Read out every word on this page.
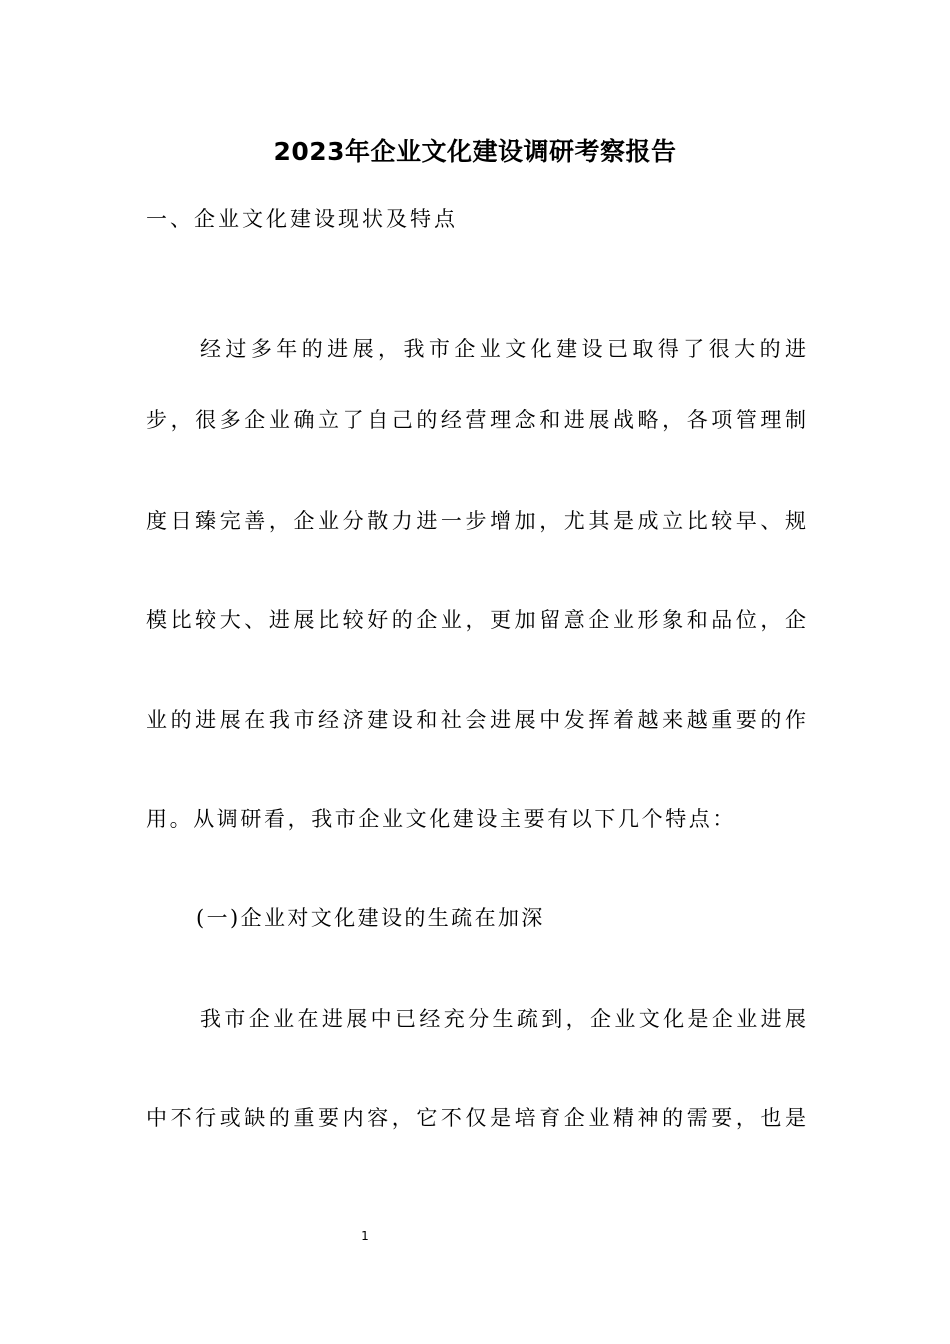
2023年企业文化建设调研考察报告
一、企业文化建设现状及特点
经过多年的进展，我市企业文化建设已取得了很大的进
步，很多企业确立了自己的经营理念和进展战略，各项管理制
度日臻完善，企业分散力进一步增加，尤其是成立比较早、规
模比较大、进展比较好的企业，更加留意企业形象和品位，企
业的进展在我市经济建设和社会进展中发挥着越来越重要的作
用。从调研看，我市企业文化建设主要有以下几个特点：
(一)企业对文化建设的生疏在加深
我市企业在进展中已经充分生疏到，企业文化是企业进展
中不行或缺的重要内容，它不仅是培育企业精神的需要，也是
1
